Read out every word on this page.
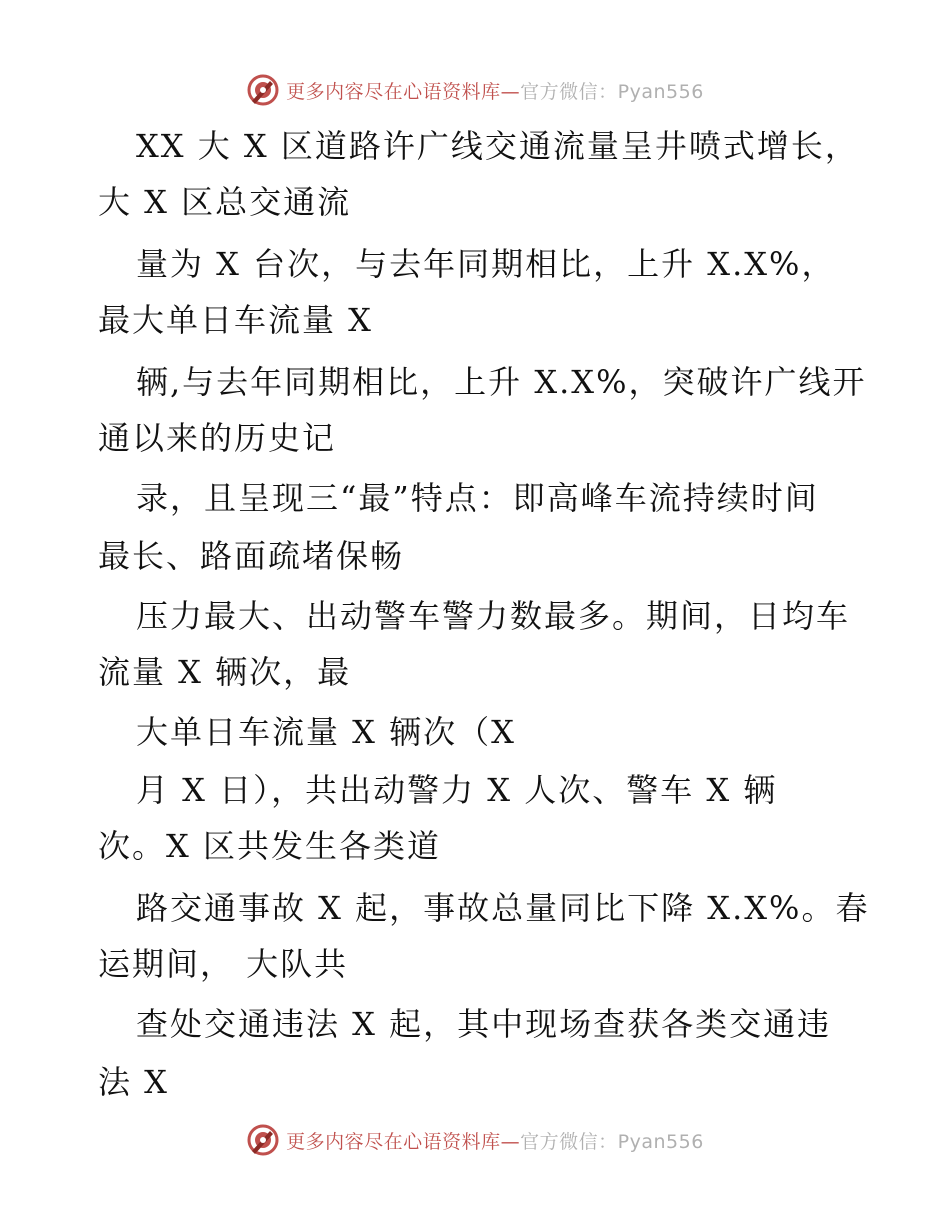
更多内容尽在心语资料库—官方微信：Pyan556
XX 大 X 区道路许广线交通流量呈井喷式增长，
大 X 区总交通流
量为 X 台次，与去年同期相比，上升 X.X%，
最大单日车流量 X
辆,与去年同期相比，上升 X.X%，突破许广线开
通以来的历史记
录，且呈现三“最”特点：即高峰车流持续时间
最长、路面疏堵保畅
压力最大、出动警车警力数最多。期间，日均车
流量 X 辆次，最
大单日车流量 X 辆次（X
月 X 日），共出动警力 X 人次、警车 X 辆
次。X 区共发生各类道
路交通事故 X 起，事故总量同比下降 X.X%。春
运期间， 大队共
查处交通违法 X 起，其中现场查获各类交通违
法 X
更多内容尽在心语资料库—官方微信：Pyan556
